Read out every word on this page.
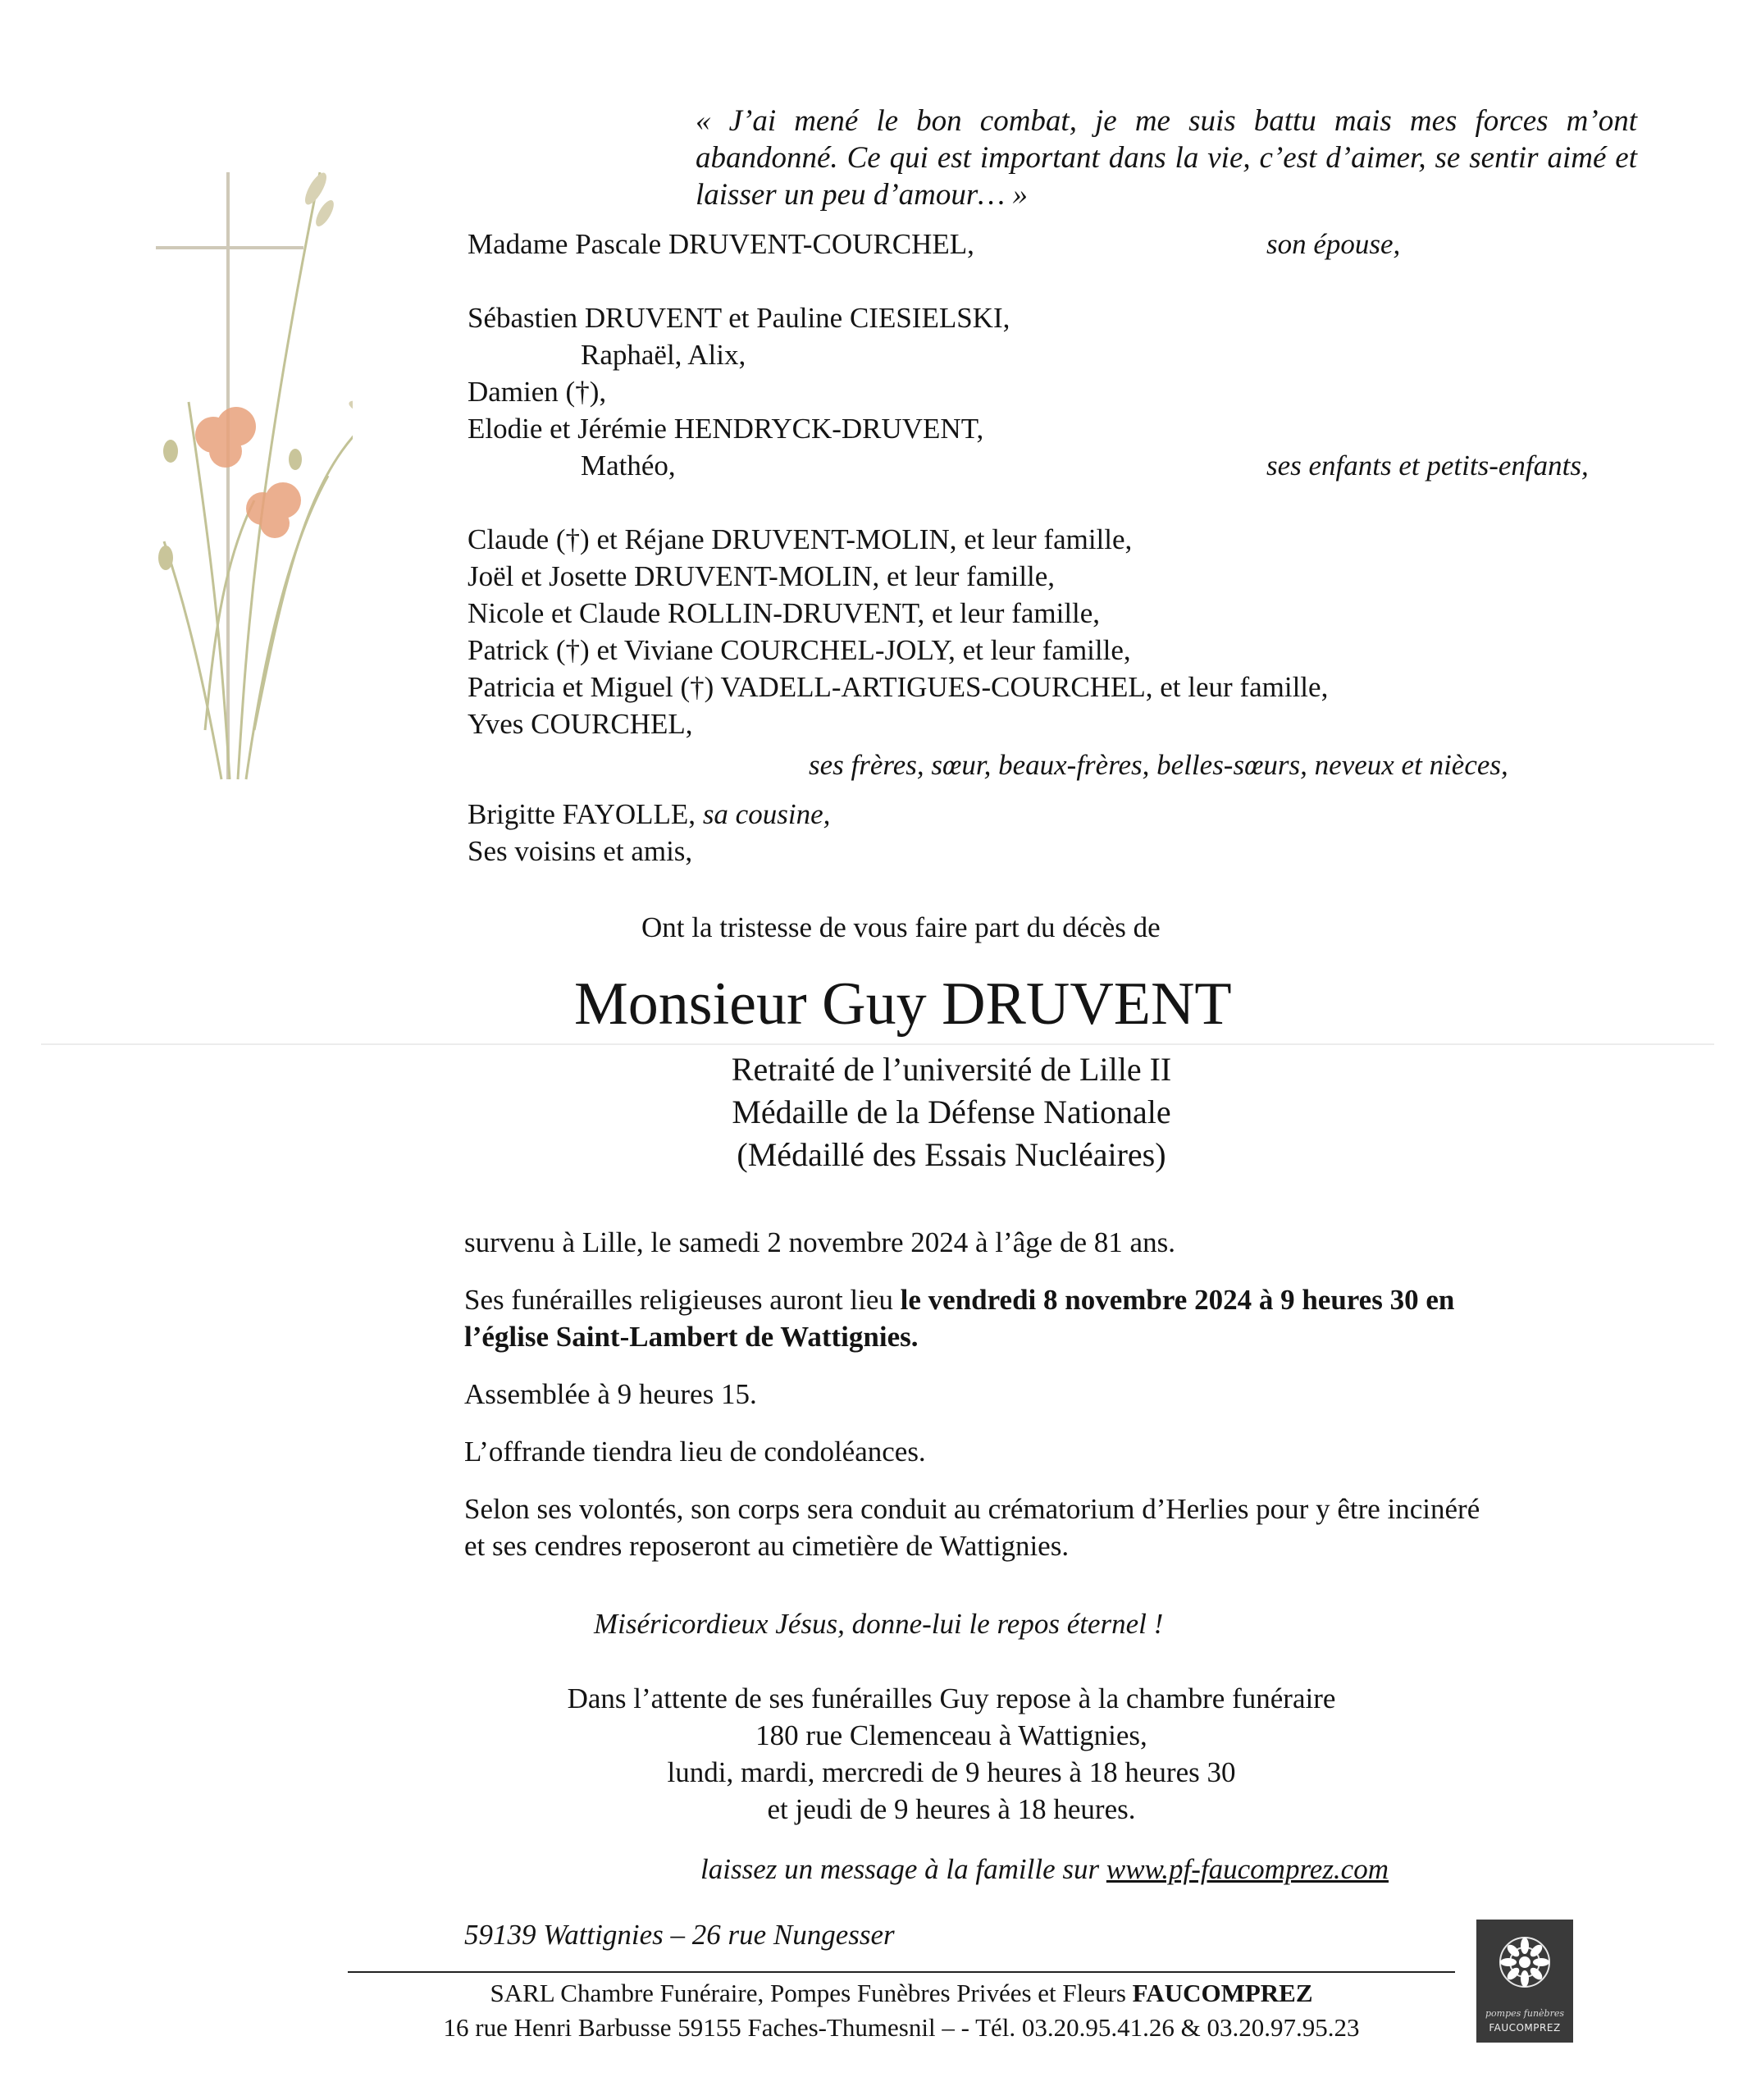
« J’ai mené le bon combat, je me suis battu mais mes forces m’ont abandonné. Ce qui est important dans la vie, c’est d’aimer, se sentir aimé et laisser un peu d’amour… »

Madame Pascale DRUVENT-COURCHEL,	son épouse,

Sébastien DRUVENT et Pauline CIESIELSKI,

Raphaël, Alix,

Damien (†),

Elodie et Jérémie HENDRYCK-DRUVENT,

Mathéo,	ses enfants et petits-enfants,

Claude (†) et Réjane DRUVENT-MOLIN, et leur famille,

Joël et Josette DRUVENT-MOLIN, et leur famille,

Nicole et Claude ROLLIN-DRUVENT, et leur famille,

Patrick (†) et Viviane COURCHEL-JOLY, et leur famille,

Patricia et Miguel (†) VADELL-ARTIGUES-COURCHEL, et leur famille,

Yves COURCHEL,

ses frères, sœur, beaux-frères, belles-sœurs, neveux et nièces,

Brigitte FAYOLLE, sa cousine,

Ses voisins et amis,

Ont la tristesse de vous faire part du décès de

Monsieur Guy DRUVENT

Retraité de l’université de Lille II

Médaille de la Défense Nationale

(Médaillé des Essais Nucléaires)

survenu à Lille, le samedi 2 novembre 2024 à l’âge de 81 ans.

Ses funérailles religieuses auront lieu le vendredi 8 novembre 2024 à 9 heures 30 en

l’église Saint-Lambert de Wattignies.

Assemblée à 9 heures 15.

L’offrande tiendra lieu de condoléances.

Selon ses volontés, son corps sera conduit au crématorium d’Herlies pour y être incinéré

et ses cendres reposeront au cimetière de Wattignies.

Miséricordieux Jésus, donne-lui le repos éternel !

Dans l’attente de ses funérailles Guy repose à la chambre funéraire

180 rue Clemenceau à Wattignies,

lundi, mardi, mercredi de 9 heures à 18 heures 30

et jeudi de 9 heures à 18 heures.

laissez un message à la famille sur www.pf-faucomprez.com

59139 Wattignies – 26 rue Nungesser

SARL Chambre Funéraire, Pompes Funèbres Privées et Fleurs FAUCOMPREZ

16 rue Henri Barbusse 59155 Faches-Thumesnil – - Tél. 03.20.95.41.26 & 03.20.97.95.23	pompes funèbres
FAUCOMPREZ
